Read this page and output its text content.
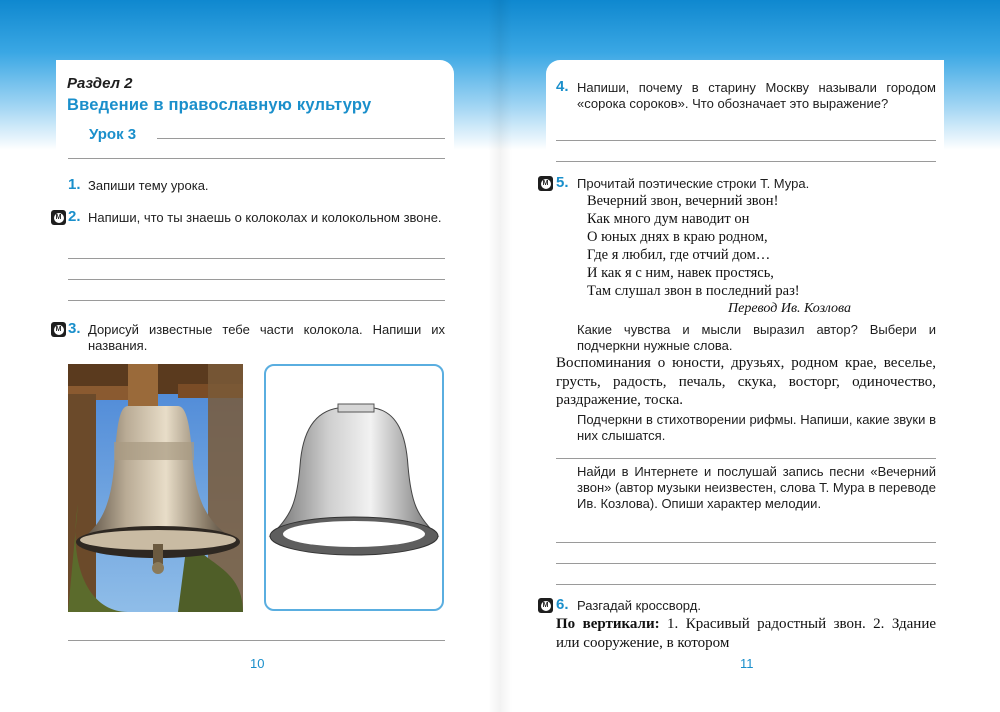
Раздел 2
Введение в православную культуру
Урок 3
1. Запиши тему урока.
М 2. Напиши, что ты знаешь о колоколах и колокольном звоне.
М 3. Дорисуй известные тебе части колокола. Напиши их названия.
10
4. Напиши, почему в старину Москву называли городом «сорока сороков». Что обозначает это выражение?
М 5. Прочитай поэтические строки Т. Мура.
Вечерний звон, вечерний звон!
Как много дум наводит он
О юных днях в краю родном,
Где я любил, где отчий дом…
И как я с ним, навек простясь,
Там слушал звон в последний раз!
Перевод Ив. Козлова
Какие чувства и мысли выразил автор? Выбери и подчеркни нужные слова.
Воспоминания о юности, друзьях, родном крае, веселье, грусть, радость, печаль, скука, восторг, одиночество, раздражение, тоска.
Подчеркни в стихотворении рифмы. Напиши, какие звуки в них слышатся.
Найди в Интернете и послушай запись песни «Вечерний звон» (автор музыки неизвестен, слова Т. Мура в переводе Ив. Козлова). Опиши характер мелодии.
М 6. Разгадай кроссворд.
По вертикали: 1. Красивый радостный звон. 2. Здание или сооружение, в котором
11
